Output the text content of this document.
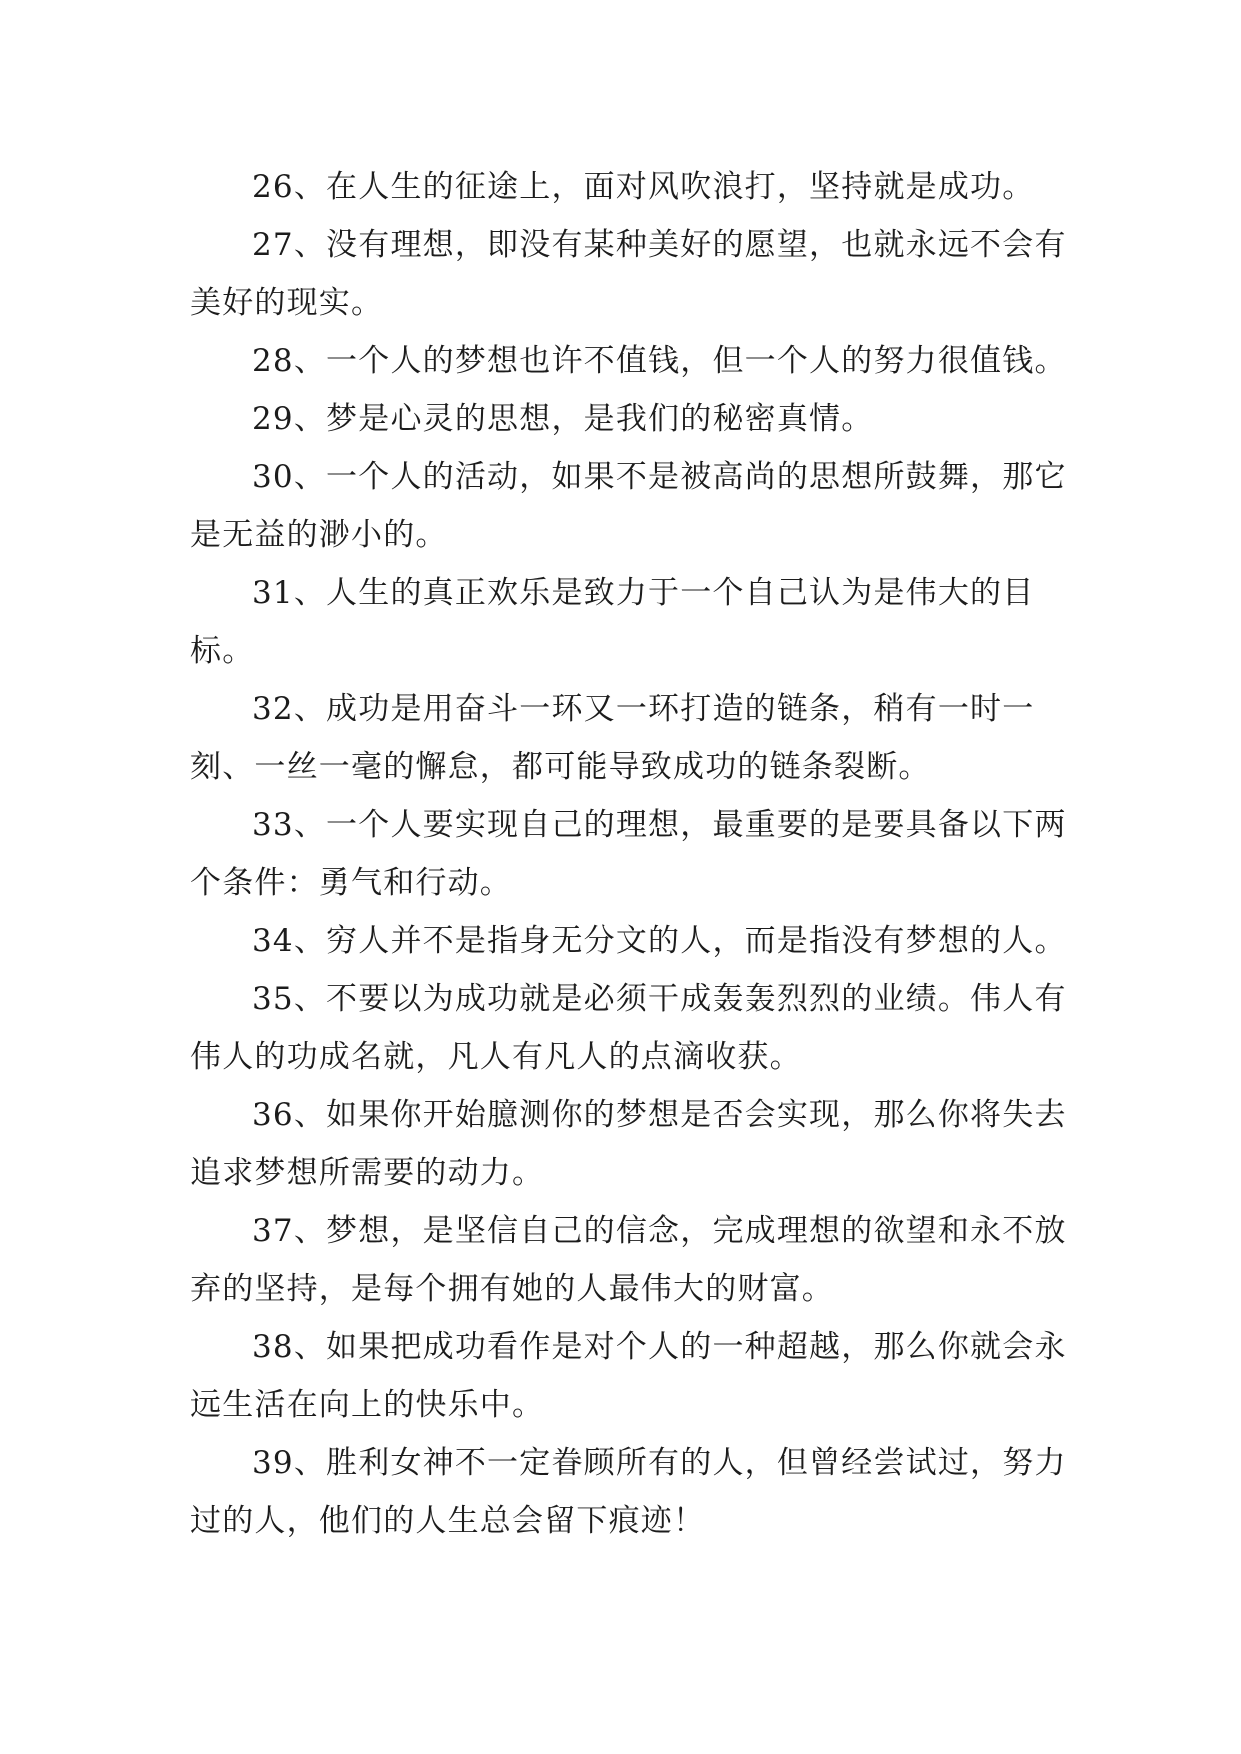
26、在人生的征途上，面对风吹浪打，坚持就是成功。

27、没有理想，即没有某种美好的愿望，也就永远不会有美好的现实。

28、一个人的梦想也许不值钱，但一个人的努力很值钱。

29、梦是心灵的思想，是我们的秘密真情。

30、一个人的活动，如果不是被高尚的思想所鼓舞，那它是无益的渺小的。

31、人生的真正欢乐是致力于一个自己认为是伟大的目标。

32、成功是用奋斗一环又一环打造的链条，稍有一时一刻、一丝一毫的懈怠，都可能导致成功的链条裂断。

33、一个人要实现自己的理想，最重要的是要具备以下两个条件：勇气和行动。

34、穷人并不是指身无分文的人，而是指没有梦想的人。

35、不要以为成功就是必须干成轰轰烈烈的业绩。伟人有伟人的功成名就，凡人有凡人的点滴收获。

36、如果你开始臆测你的梦想是否会实现，那么你将失去追求梦想所需要的动力。

37、梦想，是坚信自己的信念，完成理想的欲望和永不放弃的坚持，是每个拥有她的人最伟大的财富。

38、如果把成功看作是对个人的一种超越，那么你就会永远生活在向上的快乐中。

39、胜利女神不一定眷顾所有的人，但曾经尝试过，努力过的人，他们的人生总会留下痕迹！
